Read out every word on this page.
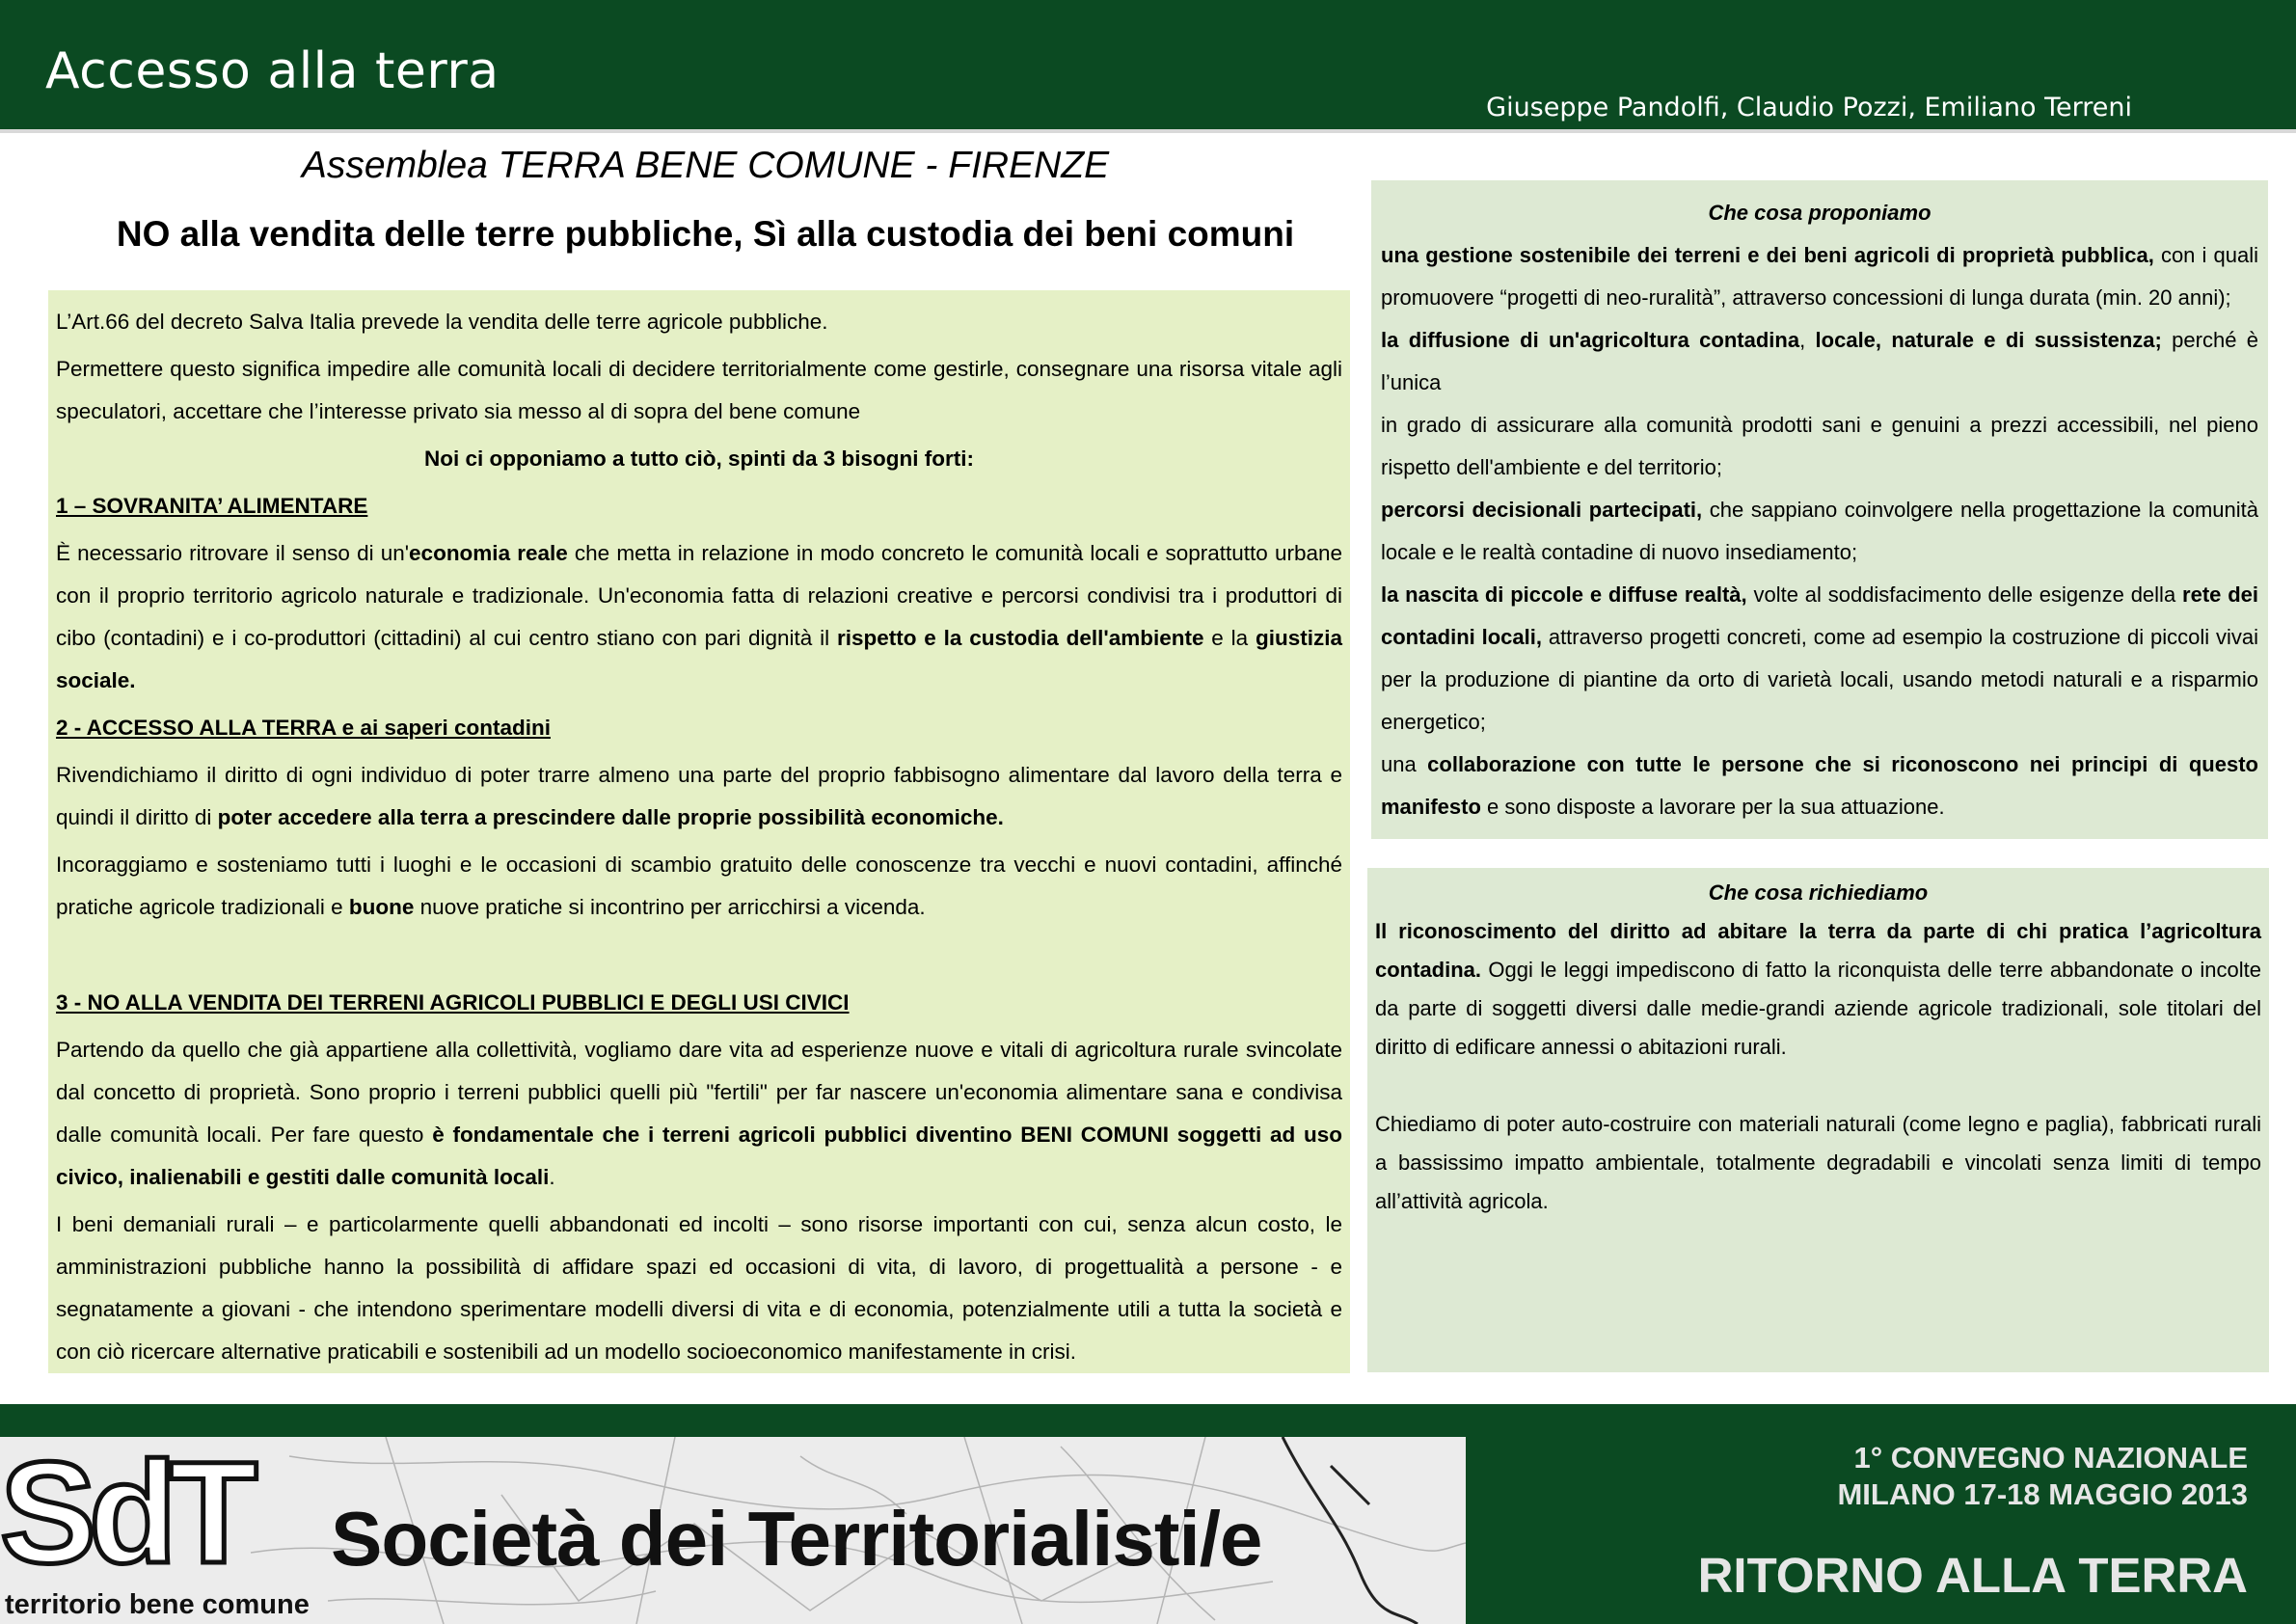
Accesso alla terra
Giuseppe Pandolfi, Claudio Pozzi, Emiliano Terreni
Assemblea TERRA BENE COMUNE - FIRENZE
NO alla vendita delle terre pubbliche, Sì alla custodia dei beni comuni

L’Art.66 del decreto Salva Italia prevede la vendita delle terre agricole pubbliche.

Permettere questo significa impedire alle comunità locali di decidere territorialmente come gestirle, consegnare una risorsa vitale agli speculatori, accettare che l’interesse privato sia messo al di sopra del bene comune

Noi ci opponiamo a tutto ciò, spinti da 3 bisogni forti:

1 – SOVRANITA’ ALIMENTARE

È necessario ritrovare il senso di un'economia reale che metta in relazione in modo concreto le comunità locali e soprattutto urbane con il proprio territorio agricolo naturale e tradizionale. Un'economia fatta di relazioni creative e percorsi condivisi tra i produttori di cibo (contadini) e i co-produttori (cittadini) al cui centro stiano con pari dignità il rispetto e la custodia dell'ambiente e la giustizia sociale.

2 - ACCESSO ALLA TERRA e ai saperi contadini

Rivendichiamo il diritto di ogni individuo di poter trarre almeno una parte del proprio fabbisogno alimentare dal lavoro della terra e quindi il diritto di poter accedere alla terra a prescindere dalle proprie possibilità economiche.

Incoraggiamo e sosteniamo tutti i luoghi e le occasioni di scambio gratuito delle conoscenze tra vecchi e nuovi contadini, affinché pratiche agricole tradizionali e buone nuove pratiche si incontrino per arricchirsi a vicenda.

3 - NO ALLA VENDITA DEI TERRENI AGRICOLI PUBBLICI E DEGLI USI CIVICI

Partendo da quello che già appartiene alla collettività, vogliamo dare vita ad esperienze nuove e vitali di agricoltura rurale svincolate dal concetto di proprietà. Sono proprio i terreni pubblici quelli più "fertili" per far nascere un'economia alimentare sana e condivisa dalle comunità locali. Per fare questo è fondamentale che i terreni agricoli pubblici diventino BENI COMUNI soggetti ad uso civico, inalienabili e gestiti dalle comunità locali.

I beni demaniali rurali – e particolarmente quelli abbandonati ed incolti – sono risorse importanti con cui, senza alcun costo, le amministrazioni pubbliche hanno la possibilità di affidare spazi ed occasioni di vita, di lavoro, di progettualità a persone - e segnatamente a giovani - che intendono sperimentare modelli diversi di vita e di economia, potenzialmente utili a tutta la società e con ciò ricercare alternative praticabili e sostenibili ad un modello socioeconomico manifestamente in crisi.

Che cosa proponiamo

una gestione sostenibile dei terreni e dei beni agricoli di proprietà pubblica, con i quali promuovere “progetti di neo-ruralità”, attraverso concessioni di lunga durata (min. 20 anni);

la diffusione di un'agricoltura contadina, locale, naturale e di sussistenza; perché è l’unica

in grado di assicurare alla comunità prodotti sani e genuini a prezzi accessibili, nel pieno rispetto dell'ambiente e del territorio;

percorsi decisionali partecipati, che sappiano coinvolgere nella progettazione la comunità locale e le realtà contadine di nuovo insediamento;

la nascita di piccole e diffuse realtà, volte al soddisfacimento delle esigenze della rete dei contadini locali, attraverso progetti concreti, come ad esempio la costruzione di piccoli vivai per la produzione di piantine da orto di varietà locali, usando metodi naturali e a risparmio energetico;

una collaborazione con tutte le persone che si riconoscono nei principi di questo manifesto e sono disposte a lavorare per la sua attuazione.

Che cosa richiediamo

Il riconoscimento del diritto ad abitare la terra da parte di chi pratica l’agricoltura contadina. Oggi le leggi impediscono di fatto la riconquista delle terre abbandonate o incolte da parte di soggetti diversi dalle medie-grandi aziende agricole tradizionali, sole titolari del diritto di edificare annessi o abitazioni rurali.

Chiediamo di poter auto-costruire con materiali naturali (come legno e paglia), fabbricati rurali a bassissimo impatto ambientale, totalmente degradabili e vincolati senza limiti di tempo all’attività agricola.

SdT
territorio bene comune
Società dei Territorialisti/e
1° CONVEGNO NAZIONALE
MILANO 17-18 MAGGIO 2013
RITORNO ALLA TERRA
